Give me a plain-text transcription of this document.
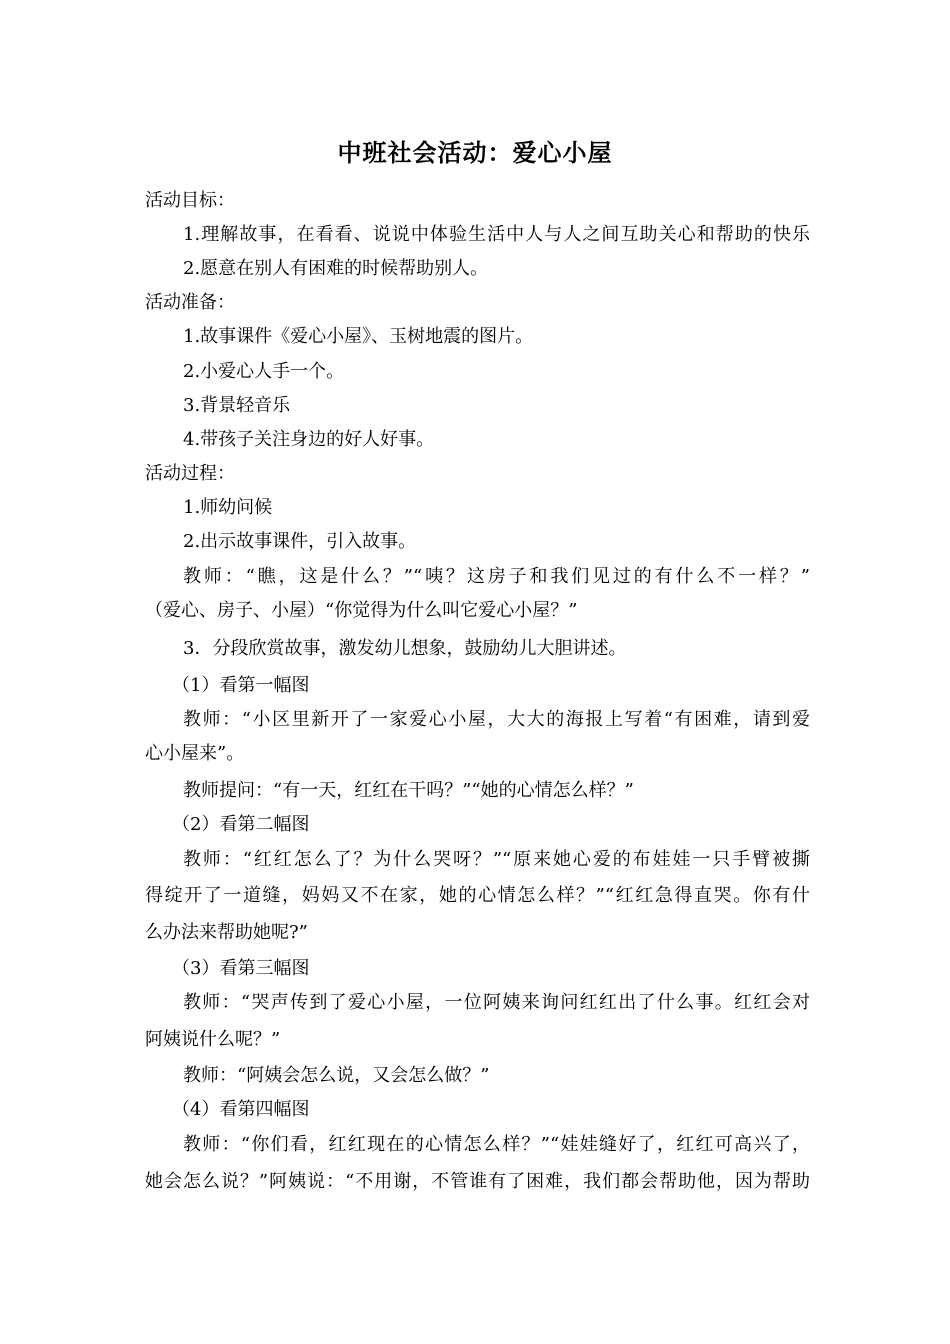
中班社会活动：爱心小屋
活动目标：
1.理解故事，在看看、说说中体验生活中人与人之间互助关心和帮助的快乐
2.愿意在别人有困难的时候帮助别人。
活动准备：
1.故事课件《爱心小屋》、玉树地震的图片。
2.小爱心人手一个。
3.背景轻音乐
4.带孩子关注身边的好人好事。
活动过程：
1.师幼问候
2.出示故事课件，引入故事。
教师：“瞧，这是什么？”“咦？这房子和我们见过的有什么不一样？”
（爱心、房子、小屋）“你觉得为什么叫它爱心小屋？”
3．分段欣赏故事，激发幼儿想象，鼓励幼儿大胆讲述。
（1）看第一幅图
教师：“小区里新开了一家爱心小屋，大大的海报上写着“有困难，请到爱
心小屋来”。
教师提问：“有一天，红红在干吗？”“她的心情怎么样？”
（2）看第二幅图
教师：“红红怎么了？为什么哭呀？”“原来她心爱的布娃娃一只手臂被撕
得绽开了一道缝，妈妈又不在家，她的心情怎么样？”“红红急得直哭。你有什
么办法来帮助她呢?”
（3）看第三幅图
教师：“哭声传到了爱心小屋，一位阿姨来询问红红出了什么事。红红会对
阿姨说什么呢？”
教师：“阿姨会怎么说，又会怎么做？”
（4）看第四幅图
教师：“你们看，红红现在的心情怎么样？”“娃娃缝好了，红红可高兴了，
她会怎么说？”阿姨说：“不用谢，不管谁有了困难，我们都会帮助他，因为帮助
